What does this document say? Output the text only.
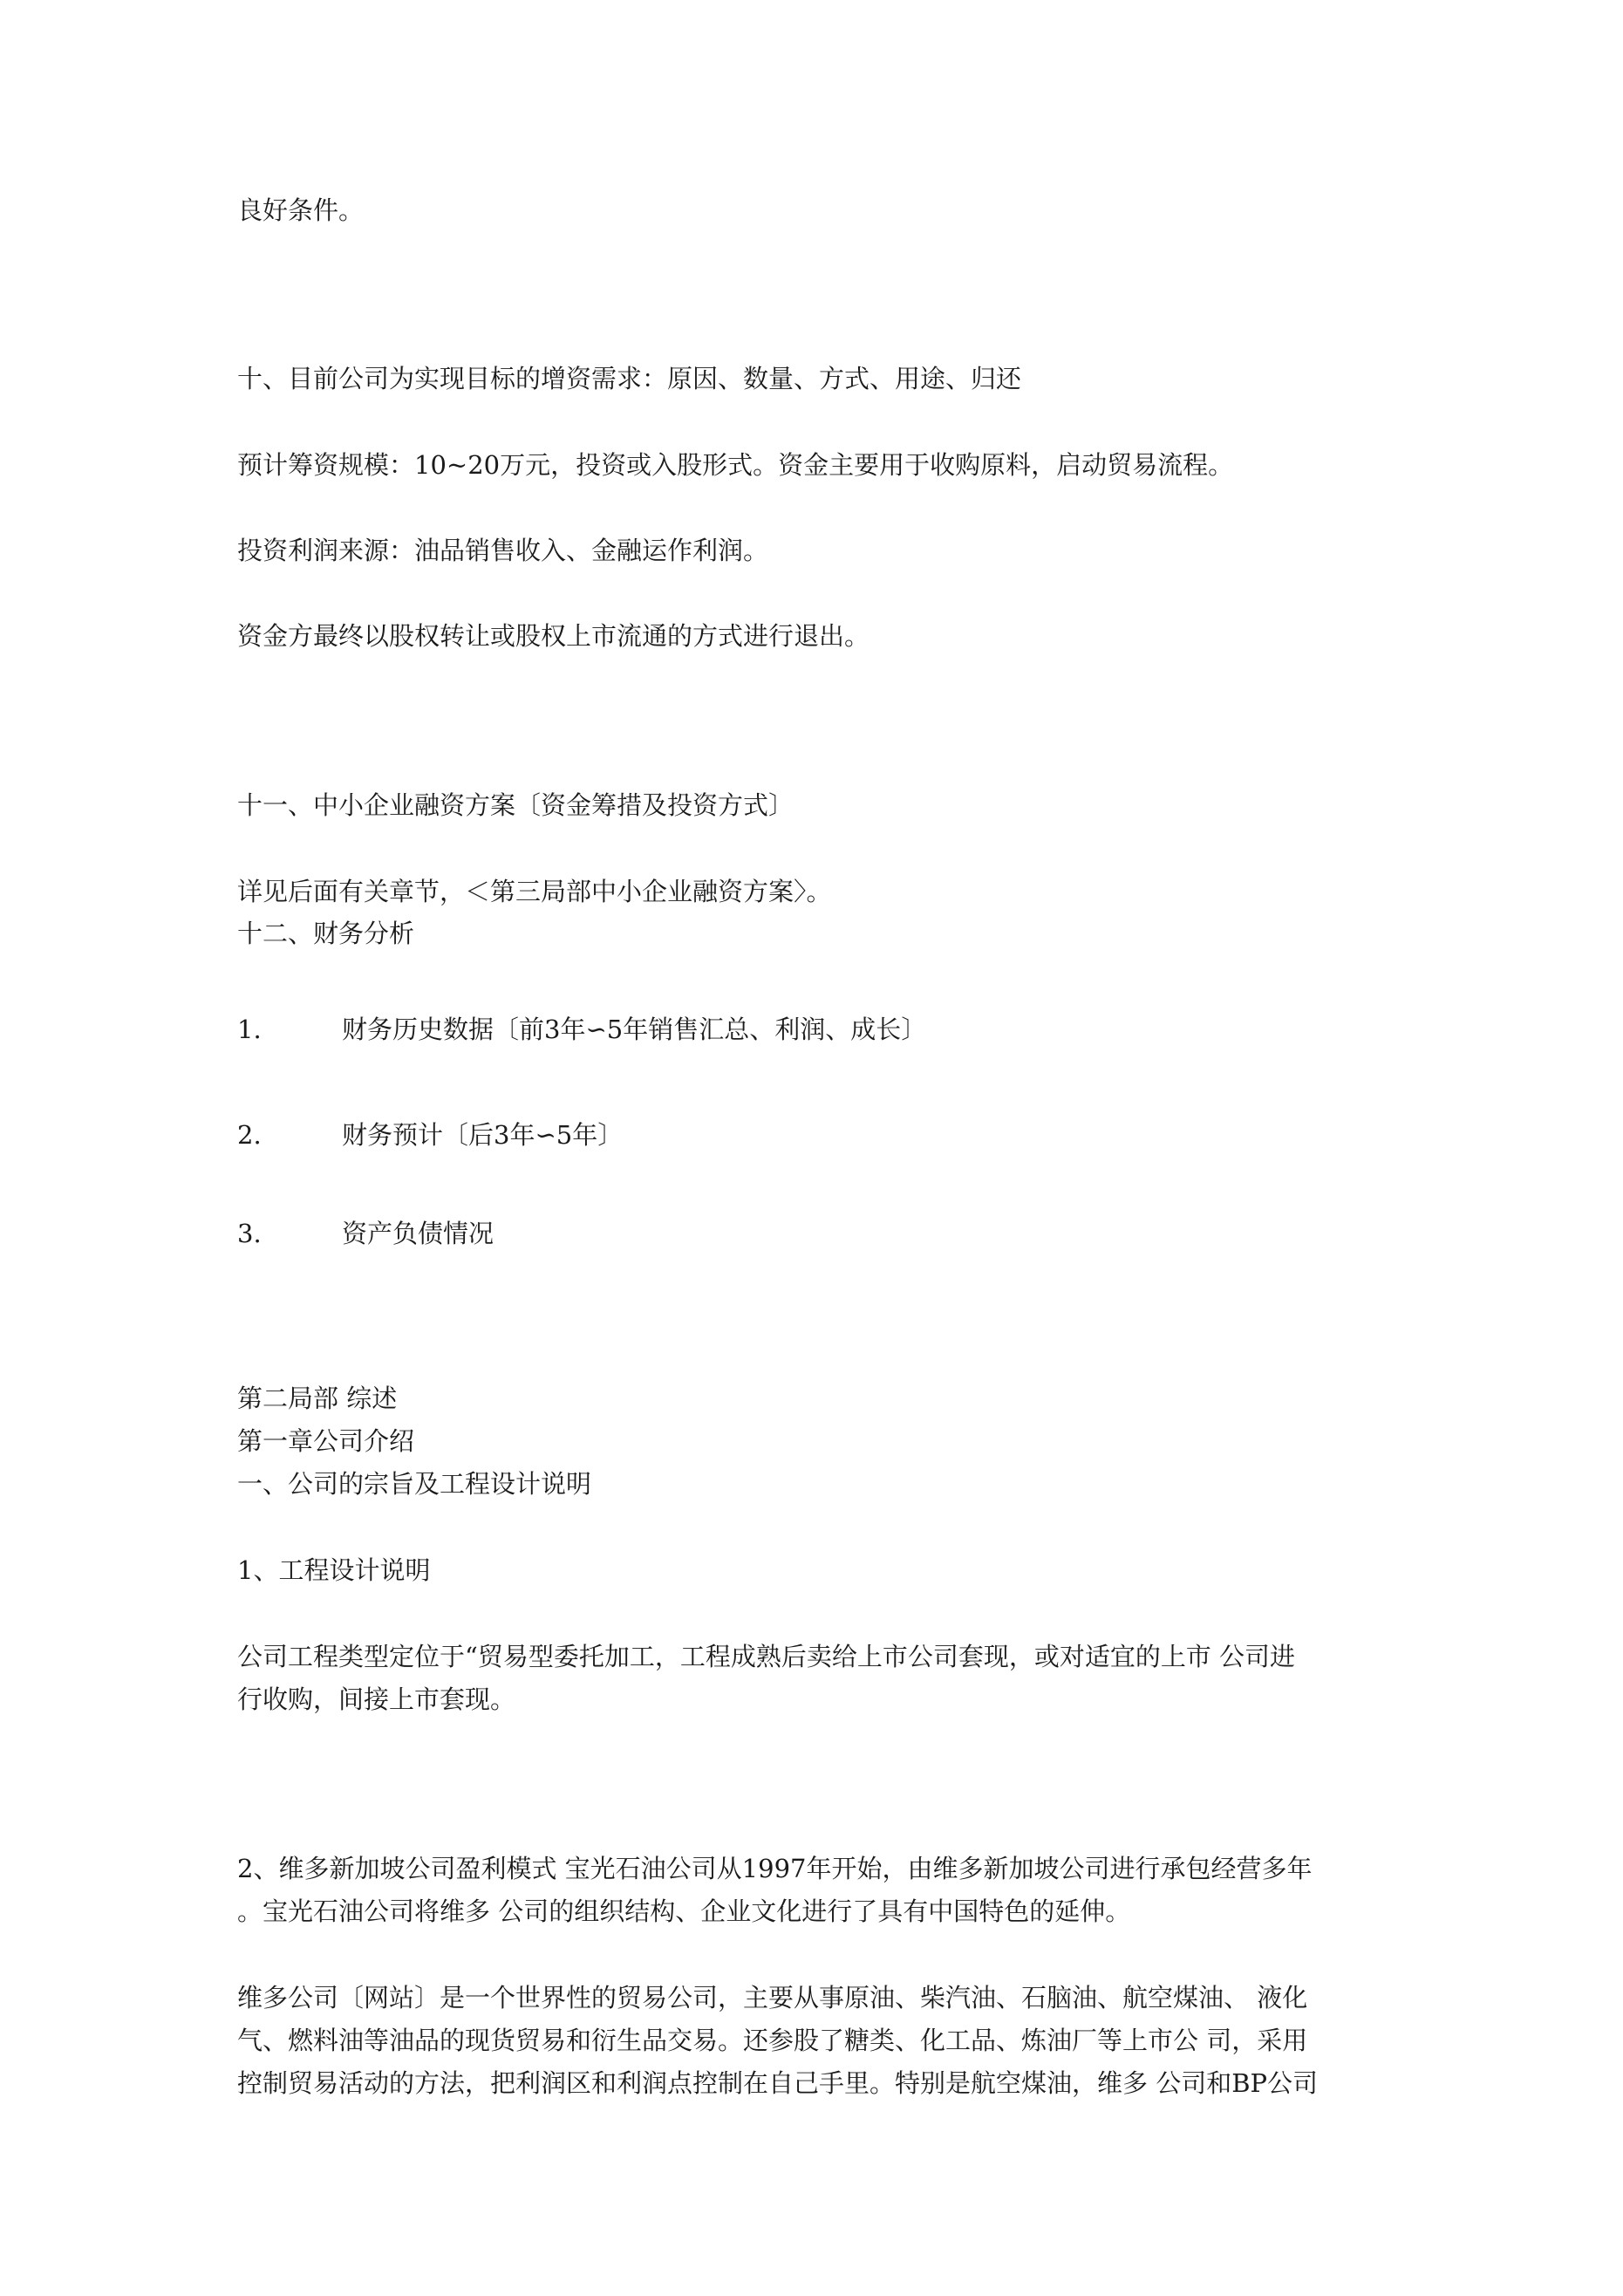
良好条件。
十、目前公司为实现目标的增资需求：原因、数量、方式、用途、归还
预计筹资规模：10~20万元，投资或入股形式。资金主要用于收购原料，启动贸易流程。
投资利润来源：油品销售收入、金融运作利润。
资金方最终以股权转让或股权上市流通的方式进行退出。
十一、中小企业融资方案〔资金筹措及投资方式〕
详见后面有关章节，＜第三局部中小企业融资方案〉。
十二、财务分析
1.	财务历史数据〔前3年∽5年销售汇总、利润、成长〕
2.	财务预计〔后3年∽5年〕
3.	资产负债情况
第二局部 综述
第一章公司介绍
一、公司的宗旨及工程设计说明
1、工程设计说明
公司工程类型定位于“贸易型委托加工，工程成熟后卖给上市公司套现，或对适宜的上市 公司进
行收购，间接上市套现。
2、维多新加坡公司盈利模式 宝光石油公司从1997年开始，由维多新加坡公司进行承包经营多年
。宝光石油公司将维多 公司的组织结构、企业文化进行了具有中国特色的延伸。
维多公司〔网站〕是一个世界性的贸易公司，主要从事原油、柴汽油、石脑油、航空煤油、 液化
气、燃料油等油品的现货贸易和衍生品交易。还参股了糖类、化工品、炼油厂等上市公 司，采用
控制贸易活动的方法，把利润区和利润点控制在自己手里。特别是航空煤油，维多 公司和BP公司
